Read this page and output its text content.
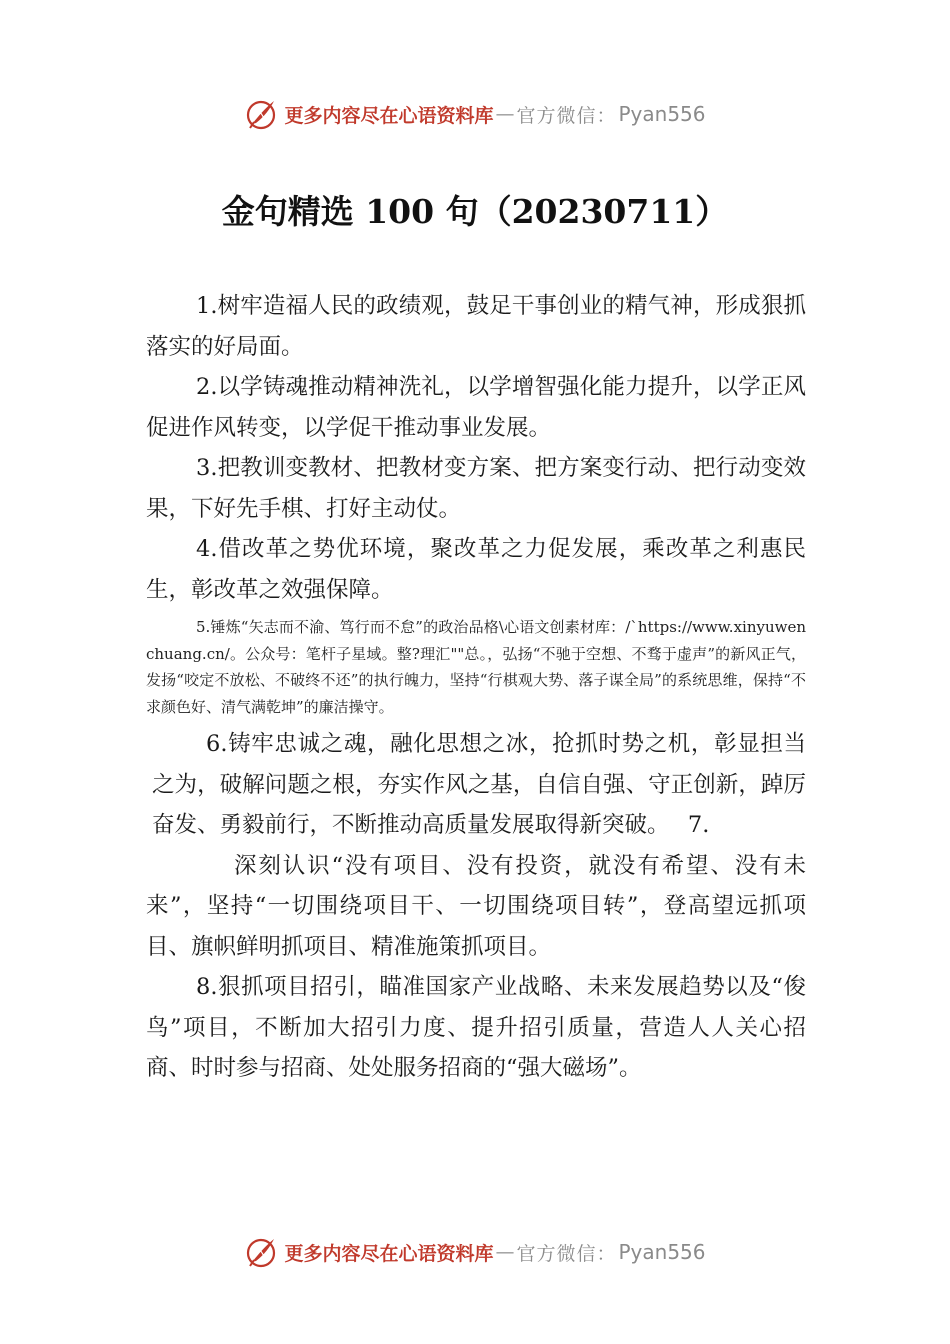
更多内容尽在心语资料库 — 官方微信： Pyan556
金句精选 100 句（20230711）

1.树牢造福人民的政绩观，鼓足干事创业的精气神，形成狠抓落实的好局面。

2.以学铸魂推动精神洗礼，以学增智强化能力提升，以学正风促进作风转变，以学促干推动事业发展。

3.把教训变教材、把教材变方案、把方案变行动、把行动变效果，下好先手棋、打好主动仗。

4.借改革之势优环境，聚改革之力促发展，乘改革之利惠民生，彰改革之效强保障。

5.锤炼“矢志而不渝、笃行而不怠”的政治品格\心语文创素材库：/`https://www.xinyuwenchuang.cn/。公众号：笔杆子星域。整?理汇""总。，弘扬“不驰于空想、不骛于虚声”的新风正气，发扬“咬定不放松、不破终不还”的执行魄力，坚持“行棋观大势、落子谋全局”的系统思维，保持“不求颜色好、清气满乾坤”的廉洁操守。

6.铸牢忠诚之魂，融化思想之冰，抢抓时势之机，彰显担当之为，破解问题之根，夯实作风之基，自信自强、守正创新，踔厉奋发、勇毅前行，不断推动高质量发展取得新突破。　 7.

深刻认识“没有项目、没有投资，就没有希望、没有未来”，坚持“一切围绕项目干、一切围绕项目转”，登高望远抓项目、旗帜鲜明抓项目、精准施策抓项目。

8.狠抓项目招引，瞄准国家产业战略、未来发展趋势以及“俊鸟”项目，不断加大招引力度、提升招引质量，营造人人关心招商、时时参与招商、处处服务招商的“强大磁场”。

更多内容尽在心语资料库 — 官方微信： Pyan556
